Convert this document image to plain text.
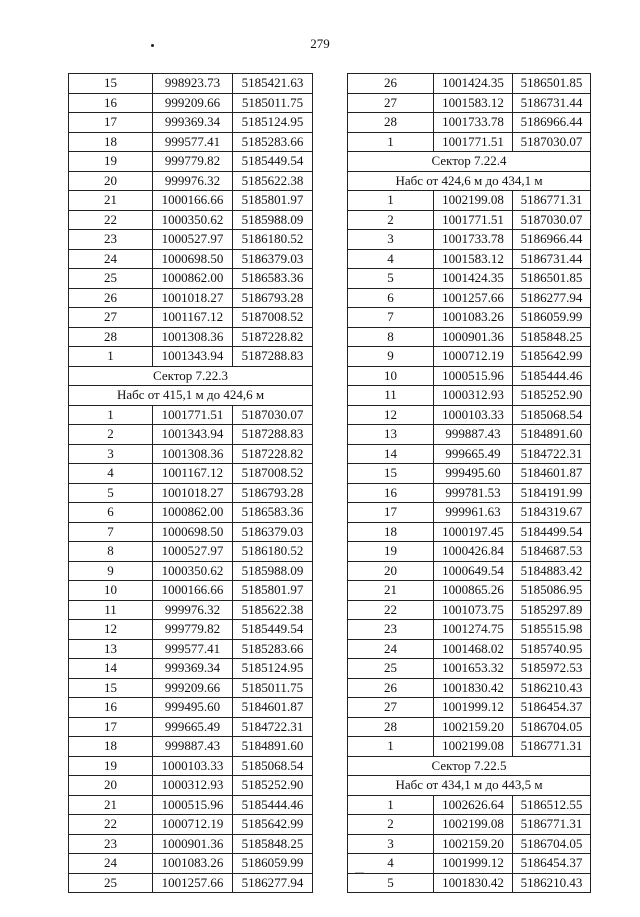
279
15	998923.73	5185421.63
16	999209.66	5185011.75
17	999369.34	5185124.95
18	999577.41	5185283.66
19	999779.82	5185449.54
20	999976.32	5185622.38
21	1000166.66	5185801.97
22	1000350.62	5185988.09
23	1000527.97	5186180.52
24	1000698.50	5186379.03
25	1000862.00	5186583.36
26	1001018.27	5186793.28
27	1001167.12	5187008.52
28	1001308.36	5187228.82
1	1001343.94	5187288.83
Сектор 7.22.3		
Набс от 415,1 м до 424,6 м		
1	1001771.51	5187030.07
2	1001343.94	5187288.83
3	1001308.36	5187228.82
4	1001167.12	5187008.52
5	1001018.27	5186793.28
6	1000862.00	5186583.36
7	1000698.50	5186379.03
8	1000527.97	5186180.52
9	1000350.62	5185988.09
10	1000166.66	5185801.97
11	999976.32	5185622.38
12	999779.82	5185449.54
13	999577.41	5185283.66
14	999369.34	5185124.95
15	999209.66	5185011.75
16	999495.60	5184601.87
17	999665.49	5184722.31
18	999887.43	5184891.60
19	1000103.33	5185068.54
20	1000312.93	5185252.90
21	1000515.96	5185444.46
22	1000712.19	5185642.99
23	1000901.36	5185848.25
24	1001083.26	5186059.99
25	1001257.66	5186277.94
26	1001424.35	5186501.85
27	1001583.12	5186731.44
28	1001733.78	5186966.44
1	1001771.51	5187030.07
Сектор 7.22.4		
Набс от 424,6 м до 434,1 м		
1	1002199.08	5186771.31
2	1001771.51	5187030.07
3	1001733.78	5186966.44
4	1001583.12	5186731.44
5	1001424.35	5186501.85
6	1001257.66	5186277.94
7	1001083.26	5186059.99
8	1000901.36	5185848.25
9	1000712.19	5185642.99
10	1000515.96	5185444.46
11	1000312.93	5185252.90
12	1000103.33	5185068.54
13	999887.43	5184891.60
14	999665.49	5184722.31
15	999495.60	5184601.87
16	999781.53	5184191.99
17	999961.63	5184319.67
18	1000197.45	5184499.54
19	1000426.84	5184687.53
20	1000649.54	5184883.42
21	1000865.26	5185086.95
22	1001073.75	5185297.89
23	1001274.75	5185515.98
24	1001468.02	5185740.95
25	1001653.32	5185972.53
26	1001830.42	5186210.43
27	1001999.12	5186454.37
28	1002159.20	5186704.05
1	1002199.08	5186771.31
Сектор 7.22.5		
Набс от 434,1 м до 443,5 м		
1	1002626.64	5186512.55
2	1002199.08	5186771.31
3	1002159.20	5186704.05
4	1001999.12	5186454.37
5	1001830.42	5186210.43
